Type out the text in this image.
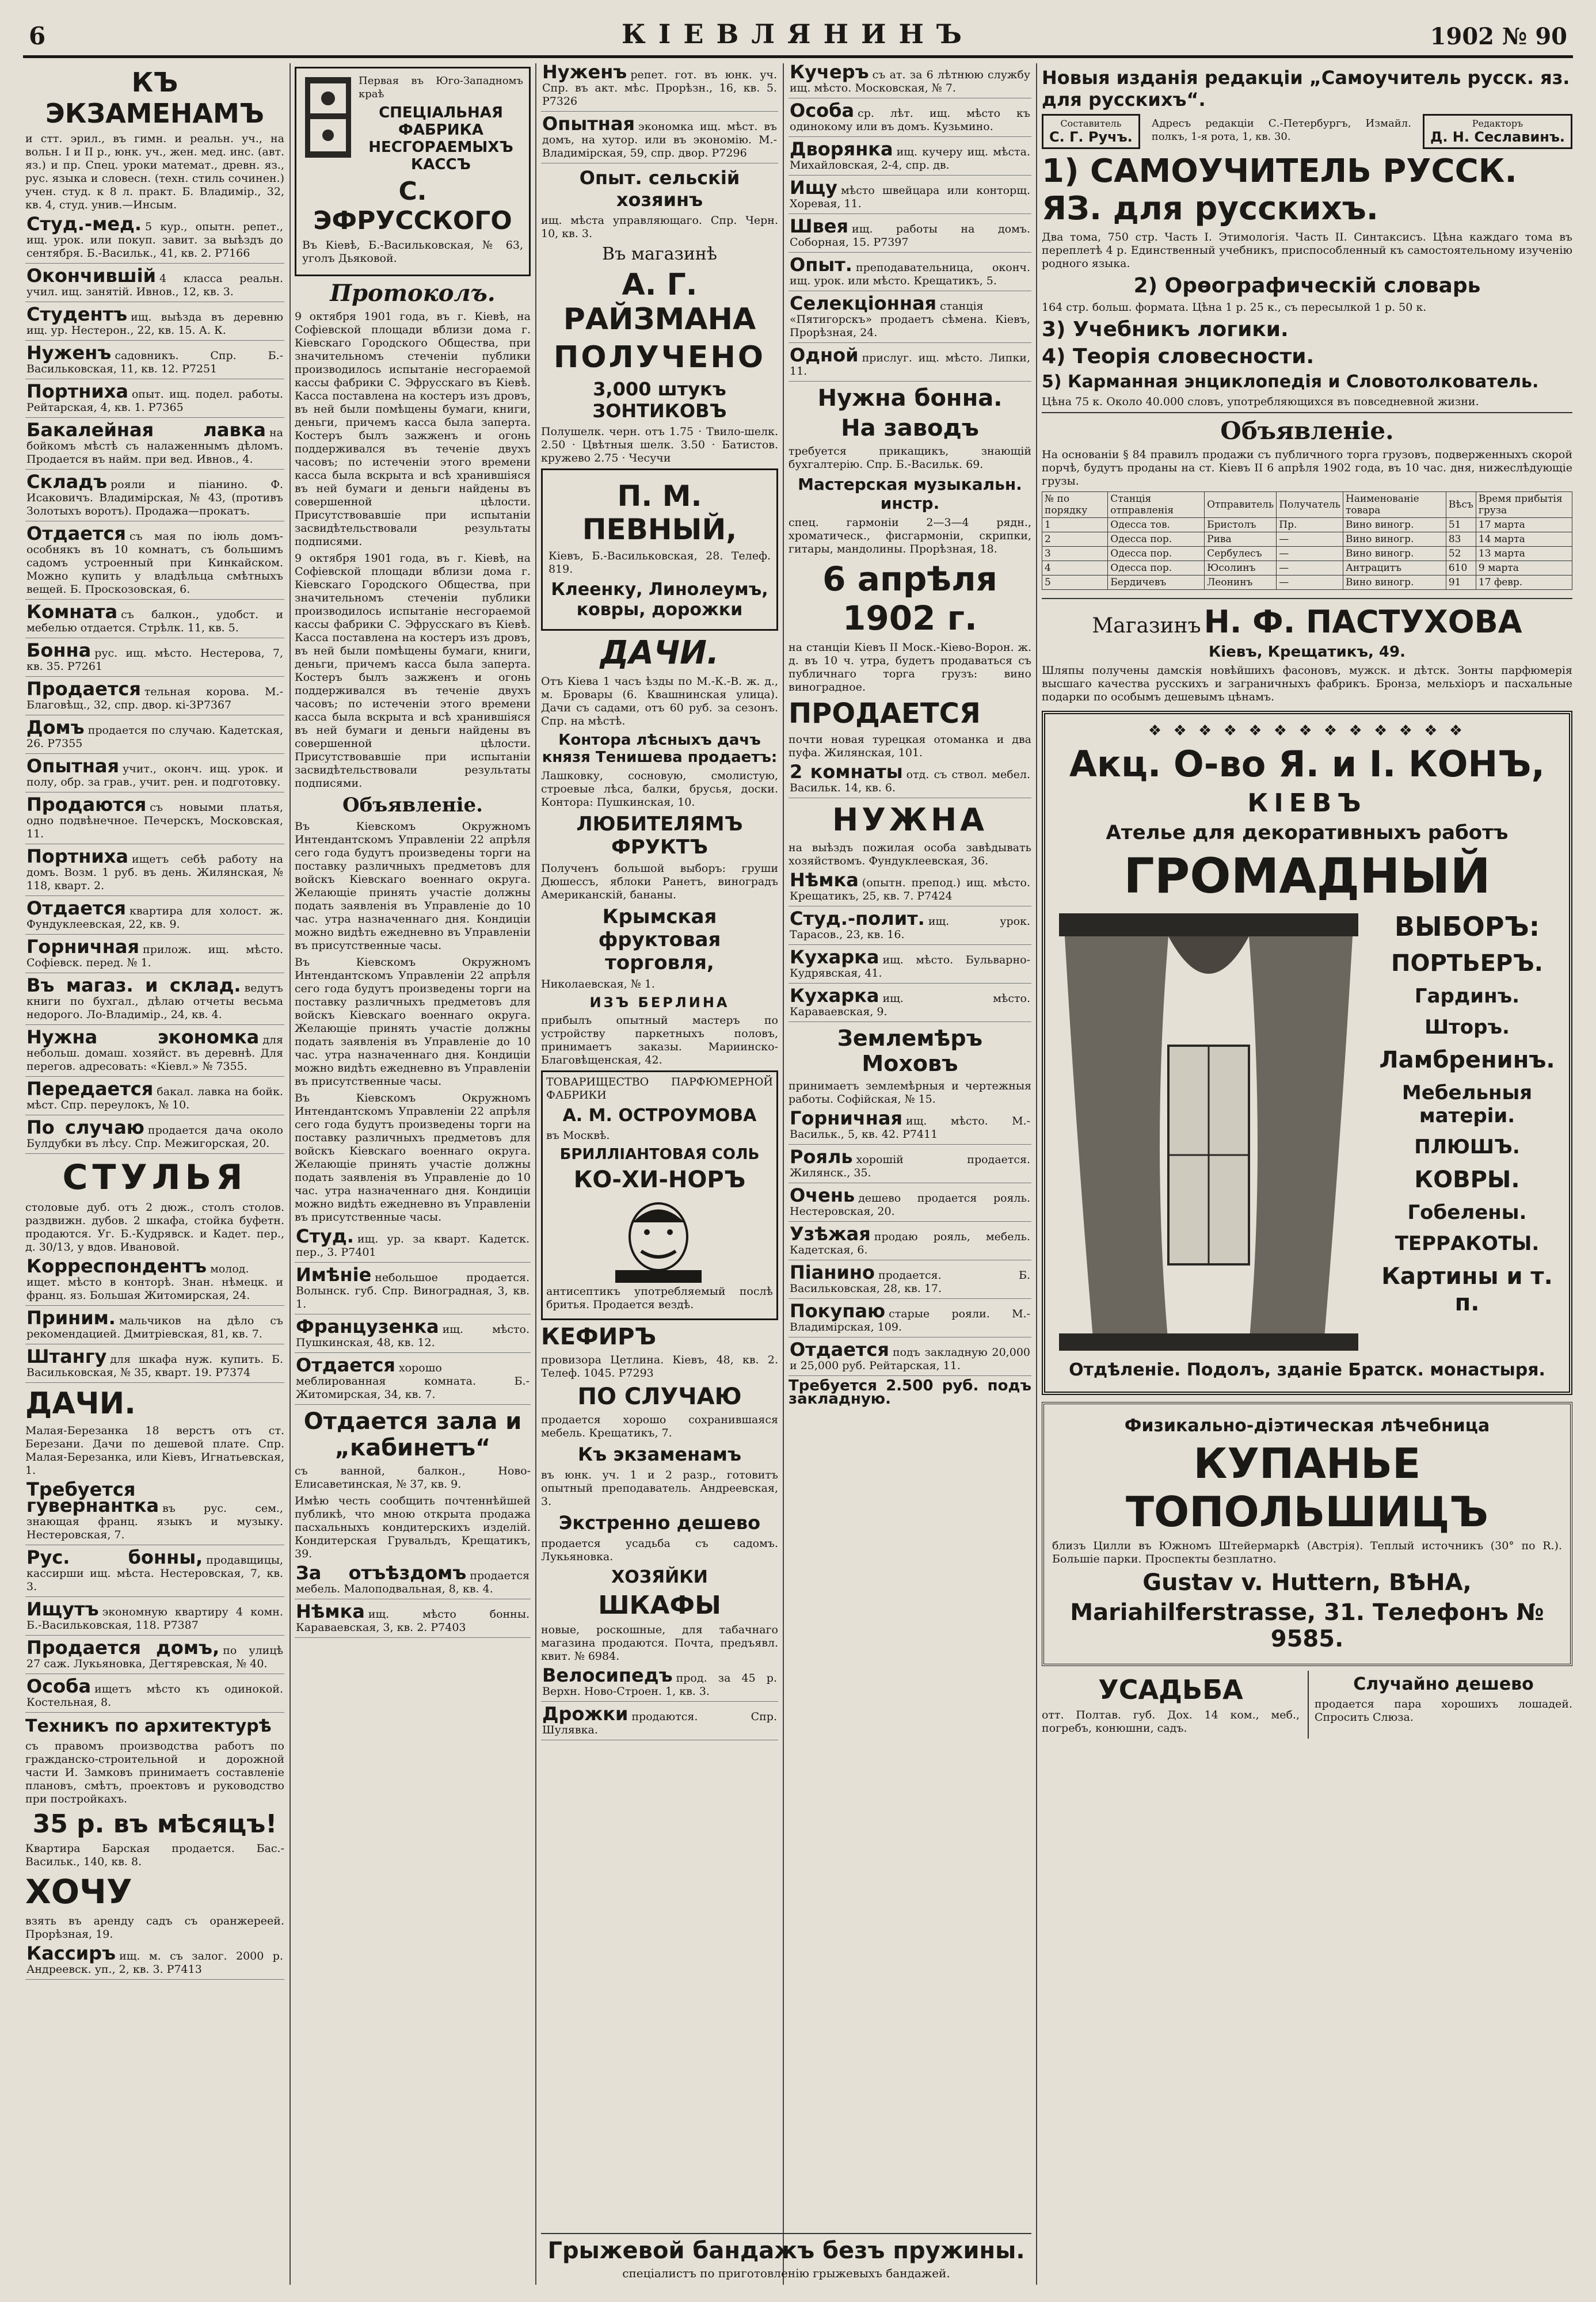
6	КІЕВЛЯНИНЪ	1902 № 90
КЪ ЭКЗАМЕНАМЪ

и стт. эрил., въ гимн. и реальн. уч., на вольн. I и II р., юнк. уч., жен. мед. инс. (авт. яз.) и пр. Спец. уроки математ., древн. яз., рус. языка и словесн. (техн. стиль сочинен.) учен. студ. к 8 л. практ. Б. Владимір., 32, кв. 4, студ. унив.—Инсым.

Студ.-мед. 5 кур., опытн. репет., ищ. урок. или покуп. завит. за выѣздъ до сентября. Б.-Васильк., 41, кв. 2. Р7166

Окончившій 4 класса реальн. учил. ищ. занятій. Ивнов., 12, кв. 3.

Студентъ ищ. выѣзда въ деревню ищ. ур. Нестерон., 22, кв. 15. А. К.

Нуженъ садовникъ. Спр. Б.-Васильковская, 11, кв. 12. P7251

Портниха опыт. ищ. подел. работы. Рейтарская, 4, кв. 1. P7365

Бакалейная лавка на бойкомъ мѣстѣ съ налаженнымъ дѣломъ. Продается въ найм. при вед. Ивнов., 4.

Складъ рояли и піанино. Ф. Исаковичъ. Владимірская, № 43, (противъ Золотыхъ воротъ). Продажа—прокатъ.

Отдается съ мая по іюль домъ-особнякъ въ 10 комнатъ, съ большимъ садомъ устроенный при Кинкайском. Можно купить у владѣльца смѣтныхъ вещей. Б. Проскозовская, 6.

Комната съ балкон., удобст. и мебелью отдается. Стрѣлк. 11, кв. 5.

Бонна рус. ищ. мѣсто. Нестерова, 7, кв. 35. P7261

Продается тельная корова. М.-Благовѣщ., 32, спр. двор. кі-3Р7367

Домъ продается по случаю. Кадетская, 26. P7355

Опытная учит., оконч. ищ. урок. и полу, обр. за грав., учит. рен. и подготовку.

Продаются съ новыми платья, одно подвѣнечное. Печерскъ, Московская, 11.

Портниха ищетъ себѣ работу на домъ. Возм. 1 руб. въ день. Жилянская, № 118, кварт. 2.

Отдается квартира для холост. ж. Фундуклеевская, 22, кв. 9.

Горничная прилож. ищ. мѣсто. Софіевск. перед. № 1.

Въ магаз. и склад. ведутъ книги по бухгал., дѣлаю отчеты весьма недорого. Ло-Владимір., 24, кв. 4.

Нужна экономка для небольш. домаш. хозяйст. въ деревнѣ. Для перегов. адресовать: «Кіевл.» № 7355.

Передается бакал. лавка на бойк. мѣст. Спр. переулокъ, № 10.

По случаю продается дача около Булдубки въ лѣсу. Спр. Межигорская, 20.

СТУЛЬЯ

столовые дуб. отъ 2 дюж., столъ столов. раздвижн. дубов. 2 шкафа, стойка буфетн. продаются. Уг. Б.-Кудрявск. и Кадет. пер., д. 30/13, у вдов. Ивановой.

Корреспондентъ молод. ищет. мѣсто в конторѣ. Знан. нѣмецк. и франц. яз. Большая Житомирская, 24.

Приним. мальчиков на дѣло съ рекомендацией. Дмитріевская, 81, кв. 7.

Штангу для шкафа нуж. купить. Б. Васильковская, № 35, кварт. 19. P7374

ДАЧИ.

Малая-Березанка 18 верстъ отъ ст. Березани. Дачи по дешевой плате. Спр. Малая-Березанка, или Кіевъ, Игнатьевская, 1.

Требуется гувернантка въ рус. сем., знающая франц. языкъ и музыку. Нестеровская, 7.

Рус. бонны, продавщицы, кассирши ищ. мѣста. Нестеровская, 7, кв. 3.

Ищутъ экономную квартиру 4 комн. Б.-Васильковская, 118. P7387

Продается домъ, по улицѣ 27 саж. Лукьяновка, Дегтяревская, № 40.

Особа ищетъ мѣсто къ одинокой. Костельная, 8.

Техникъ по архитектурѣ

съ правомъ производства работъ по гражданско-строительной и дорожной части И. Замковъ принимаетъ составленіе плановъ, смѣтъ, проектовъ и руководство при постройкахъ.

35 р. въ мѣсяцъ!

Квартира Барская продается. Бас.-Васильк., 140, кв. 8.

ХОЧУ

взять въ аренду садъ съ оранжереей. Прорѣзная, 19.

Кассиръ ищ. м. съ залог. 2000 р. Андреевск. уп., 2, кв. 3. Р7413

Первая въ Юго-Западномъ краѣ

СПЕЦІАЛЬНАЯ ФАБРИКА НЕСГОРАЕМЫХЪ КАССЪ
С. ЭФРУССКОГО

Въ Кіевѣ, Б.-Васильковская, № 63, уголъ Дьяковой.

Протоколъ.

9 октября 1901 года, въ г. Кіевѣ, на Софіевской площади вблизи дома г. Кіевскаго Городского Общества, при значительномъ стеченіи публики производилось испытаніе несгораемой кассы фабрики С. Эфрусскаго въ Кіевѣ. Касса поставлена на костеръ изъ дровъ, въ ней были помѣщены бумаги, книги, деньги, причемъ касса была заперта. Костеръ былъ зажженъ и огонь поддерживался въ теченіе двухъ часовъ; по истеченіи этого времени касса была вскрыта и всѣ хранившіяся въ ней бумаги и деньги найдены въ совершенной цѣлости. Присутствовавшіе при испытаніи засвидѣтельствовали результаты подписями.

9 октября 1901 года, въ г. Кіевѣ, на Софіевской площади вблизи дома г. Кіевскаго Городского Общества, при значительномъ стеченіи публики производилось испытаніе несгораемой кассы фабрики С. Эфрусскаго въ Кіевѣ. Касса поставлена на костеръ изъ дровъ, въ ней были помѣщены бумаги, книги, деньги, причемъ касса была заперта. Костеръ былъ зажженъ и огонь поддерживался въ теченіе двухъ часовъ; по истеченіи этого времени касса была вскрыта и всѣ хранившіяся въ ней бумаги и деньги найдены въ совершенной цѣлости. Присутствовавшіе при испытаніи засвидѣтельствовали результаты подписями.

Объявленіе.

Въ Кіевскомъ Окружномъ Интендантскомъ Управленіи 22 апрѣля сего года будутъ произведены торги на поставку различныхъ предметовъ для войскъ Кіевскаго военнаго округа. Желающіе принять участіе должны подать заявленія въ Управленіе до 10 час. утра назначеннаго дня. Кондиціи можно видѣть ежедневно въ Управленіи въ присутственные часы.

Въ Кіевскомъ Окружномъ Интендантскомъ Управленіи 22 апрѣля сего года будутъ произведены торги на поставку различныхъ предметовъ для войскъ Кіевскаго военнаго округа. Желающіе принять участіе должны подать заявленія въ Управленіе до 10 час. утра назначеннаго дня. Кондиціи можно видѣть ежедневно въ Управленіи въ присутственные часы.

Въ Кіевскомъ Окружномъ Интендантскомъ Управленіи 22 апрѣля сего года будутъ произведены торги на поставку различныхъ предметовъ для войскъ Кіевскаго военнаго округа. Желающіе принять участіе должны подать заявленія въ Управленіе до 10 час. утра назначеннаго дня. Кондиціи можно видѣть ежедневно въ Управленіи въ присутственные часы.

Студ. ищ. ур. за кварт. Кадетск. пер., 3. P7401

Имѣніе небольшое продается. Волынск. губ. Спр. Виноградная, 3, кв. 1.

Французенка ищ. мѣсто. Пушкинская, 48, кв. 12.

Отдается хорошо меблированная комната. Б.-Житомирская, 34, кв. 7.

Отдается зала и „кабинетъ“

съ ванной, балкон., Ново-Елисаветинская, № 37, кв. 9.

Имѣю честь сообщить почтеннѣйшей публикѣ, что мною открыта продажа пасхальныхъ кондитерскихъ изделій. Кондитерская Грувальдъ, Крещатикъ, 39.

За отъѣздомъ продается мебель. Малоподвальная, 8, кв. 4.

Нѣмка ищ. мѣсто бонны. Караваевская, 3, кв. 2. Р7403

Нуженъ репет. гот. въ юнк. уч. Спр. въ акт. мѣс. Прорѣзн., 16, кв. 5. Р7326

Опытная экономка ищ. мѣст. въ домъ, на хутор. или въ экономію. М.-Владимірская, 59, спр. двор. P7296

Опыт. сельскій хозяинъ

ищ. мѣста управляющаго. Спр. Черн. 10, кв. 3.

Въ магазинѣ
А. Г. РАЙЗМАНА
ПОЛУЧЕНО
3,000 штукъ ЗОНТИКОВЪ

Полушелк. черн. отъ 1.75 · Твило-шелк. 2.50 · Цвѣтныя шелк. 3.50 · Батистов. кружево 2.75 · Чесучи

П. М. ПЕВНЫЙ,

Кіевъ, Б.-Васильковская, 28. Телеф. 819.

Клеенку, Линолеумъ, ковры, дорожки
ДАЧИ.

Отъ Кіева 1 часъ ѣзды по М.-К.-В. ж. д., м. Бровары (6. Квашнинская улица). Дачи съ садами, отъ 60 руб. за сезонъ. Спр. на мѣстѣ.

Контора лѣсныхъ дачъ князя Тенишева продаетъ:

Лашковку, сосновую, смолистую, строевые лѣса, балки, брусья, доски. Контора: Пушкинская, 10.

ЛЮБИТЕЛЯМЪ ФРУКТЪ

Полученъ большой выборъ: груши Дюшессъ, яблоки Ранетъ, виноградъ Американскій, бананы.

Крымская фруктовая торговля,

Николаевская, № 1.

ИЗЪ БЕРЛИНА

прибылъ опытный мастеръ по устройству паркетныхъ половъ, принимаетъ заказы. Мариинско-Благовѣщенская, 42.

ТОВАРИЩЕСТВО ПАРФЮМЕРНОЙ ФАБРИКИ

А. М. ОСТРОУМОВА

въ Москвѣ.

БРИЛЛІАНТОВАЯ СОЛЬ
КО-ХИ-НОРЪ

антисептикъ употребляемый послѣ бритья. Продается вездѣ.

КЕФИРЪ

провизора Цетлина. Кіевъ, 48, кв. 2. Телеф. 1045. P7293

ПО СЛУЧАЮ

продается хорошо сохранившаяся мебель. Крещатикъ, 7.

Къ экзаменамъ

въ юнк. уч. 1 и 2 разр., готовитъ опытный преподаватель. Андреевская, 3.

Экстренно дешево

продается усадьба съ садомъ. Лукьяновка.

ХОЗЯЙКИ
ШКАФЫ

новые, роскошные, для табачнаго магазина продаются. Почта, предъявл. квит. № 6984.

Велосипедъ прод. за 45 р. Верхн. Ново-Строен. 1, кв. 3.

Дрожки продаются. Спр. Шулявка.

Кучеръ съ ат. за 6 лѣтнюю службу ищ. мѣсто. Московская, № 7.

Особа ср. лѣт. ищ. мѣсто къ одинокому или въ домъ. Кузьмино.

Дворянка ищ. кучеру ищ. мѣста. Михайловская, 2-4, спр. дв.

Ищу мѣсто швейцара или конторщ. Хоревая, 11.

Швея ищ. работы на домъ. Соборная, 15. Р7397

Опыт. преподавательница, оконч. ищ. урок. или мѣсто. Крещатикъ, 5.

Селекціонная станція «Пятигорскъ» продаетъ сѣмена. Кіевъ, Прорѣзная, 24.

Одной прислуг. ищ. мѣсто. Липки, 11.

Нужна бонна.
На заводъ

требуется прикащикъ, знающій бухгалтерію. Спр. Б.-Васильк. 69.

Мастерская музыкальн. инстр.

спец. гармоніи 2—3—4 рядн., хроматическ., фисгармоніи, скрипки, гитары, мандолины. Прорѣзная, 18.

6 апрѣля 1902 г.

на станціи Кіевъ II Моск.-Кіевo-Ворон. ж. д. въ 10 ч. утра, будетъ продаваться съ публичнаго торга грузъ: вино виноградное.

ПРОДАЕТСЯ

почти новая турецкая отоманка и два пуфа. Жилянская, 101.

2 комнаты отд. съ ствол. мебел. Васильк. 14, кв. 6.

НУЖНА

на выѣздъ пожилая особа завѣдывать хозяйствомъ. Фундуклеевская, 36.

Нѣмка (опытн. препод.) ищ. мѣсто. Крещатикъ, 25, кв. 7. P7424

Студ.-полит. ищ. урок. Тарасов., 23, кв. 16.

Кухарка ищ. мѣсто. Бульварно-Кудрявская, 41.

Кухарка ищ. мѣсто. Караваевская, 9.

Землемѣръ Моховъ

принимаетъ землемѣрныя и чертежныя работы. Софійская, № 15.

Горничная ищ. мѣсто. М.-Васильк., 5, кв. 42. P7411

Рояль хорошій продается. Жилянск., 35.

Очень дешево продается рояль. Нестеровская, 20.

Узѣжая продаю рояль, мебель. Кадетская, 6.

Піанино продается. Б. Васильковская, 28, кв. 17.

Покупаю старые рояли. М.-Владимірская, 109.

Отдается подъ закладную 20,000 и 25,000 руб. Рейтарская, 11.

Требуется 2.500 руб. подъ закладную.

Новыя изданія редакціи „Самоучитель русск. яз. для русскихъ“.
Составитель
С. Г. Ручъ.

Адресъ редакціи С.-Петербургъ, Измайл. полкъ, 1-я рота, 1, кв. 30.

Редакторъ
Д. Н. Сеславинъ.
1) САМОУЧИТЕЛЬ РУССК. ЯЗ. для русскихъ.

Два тома, 750 стр. Часть I. Этимологія. Часть II. Синтаксисъ. Цѣна каждаго тома въ переплетѣ 4 р. Единственный учебникъ, приспособленный къ самостоятельному изученію родного языка.

2) Орѳографическій словарь

164 стр. больш. формата. Цѣна 1 р. 25 к., съ пересылкой 1 р. 50 к.

3) Учебникъ логики.
4) Теорія словесности.
5) Карманная энциклопедія и Словотолкователь.

Цѣна 75 к. Около 40.000 словъ, употребляющихся въ повседневной жизни.

Объявленіе.

На основаніи § 84 правилъ продажи съ публичного торга грузовъ, подверженныхъ скорой порчѣ, будутъ проданы на ст. Кіевъ II 6 апрѣля 1902 года, въ 10 час. дня, нижеслѣдующіе грузы.

№ по порядку	Станція отправленія	Отправитель	Получатель	Наименованіе товара	Вѣсъ	Время прибытія груза
1	Одесса тов.	Бристолъ	Пр.	Вино виногр.	51	17 марта
2	Одесса пор.	Рива	—	Вино виногр.	83	14 марта
3	Одесса пор.	Сербулесъ	—	Вино виногр.	52	13 марта
4	Одесса пор.	Юсолинъ	—	Антрацитъ	610	9 марта
5	Бердичевъ	Леонинъ	—	Вино виногр.	91	17 февр.
Магазинъ Н. Ф. ПАСТУХОВА
Кіевъ, Крещатикъ, 49.

Шляпы получены дамскія новѣйшихъ фасоновъ, мужск. и дѣтск. Зонты парфюмерія высшаго качества русскихъ и заграничныхъ фабрикъ. Бронза, мельхіоръ и пасхальные подарки по особымъ дешевымъ цѣнамъ.

❖ ❖ ❖ ❖ ❖ ❖ ❖ ❖ ❖ ❖ ❖ ❖ ❖
Акц. О-во Я. и І. КОНЪ,
КІЕВЪ
Ателье для декоративныхъ работъ
ГРОМАДНЫЙ
ВЫБОРЪ:
ПОРТЬЕРЪ.
Гардинъ.
Шторъ.
Ламбренинъ.
Мебельныя матеріи.
ПЛЮШЪ.
КОВРЫ.
Гобелены.
ТЕРРАКОТЫ.
Картины и т. п.
Отдѣленіе. Подолъ, зданіе Братск. монастыря.
Физикально-діэтическая лѣчебница
КУПАНЬЕ ТОПОЛЬШИЦЪ

близъ Цилли въ Южномъ Штейермаркѣ (Австрія). Теплый источникъ (30° по R.). Большіе парки. Проспекты безплатно.

Gustav v. Huttern, ВѢНА,
Mariahilferstrasse, 31. Телефонъ № 9585.
УСАДЬБА

отт. Полтав. губ. Дох. 14 ком., меб., погребъ, конюшни, садъ.

Случайно дешево

продается пара хорошихъ лошадей. Спросить Слюза.

Грыжевой бандажъ безъ пружины.

спеціалистъ по приготовленію грыжевыхъ бандажей.
